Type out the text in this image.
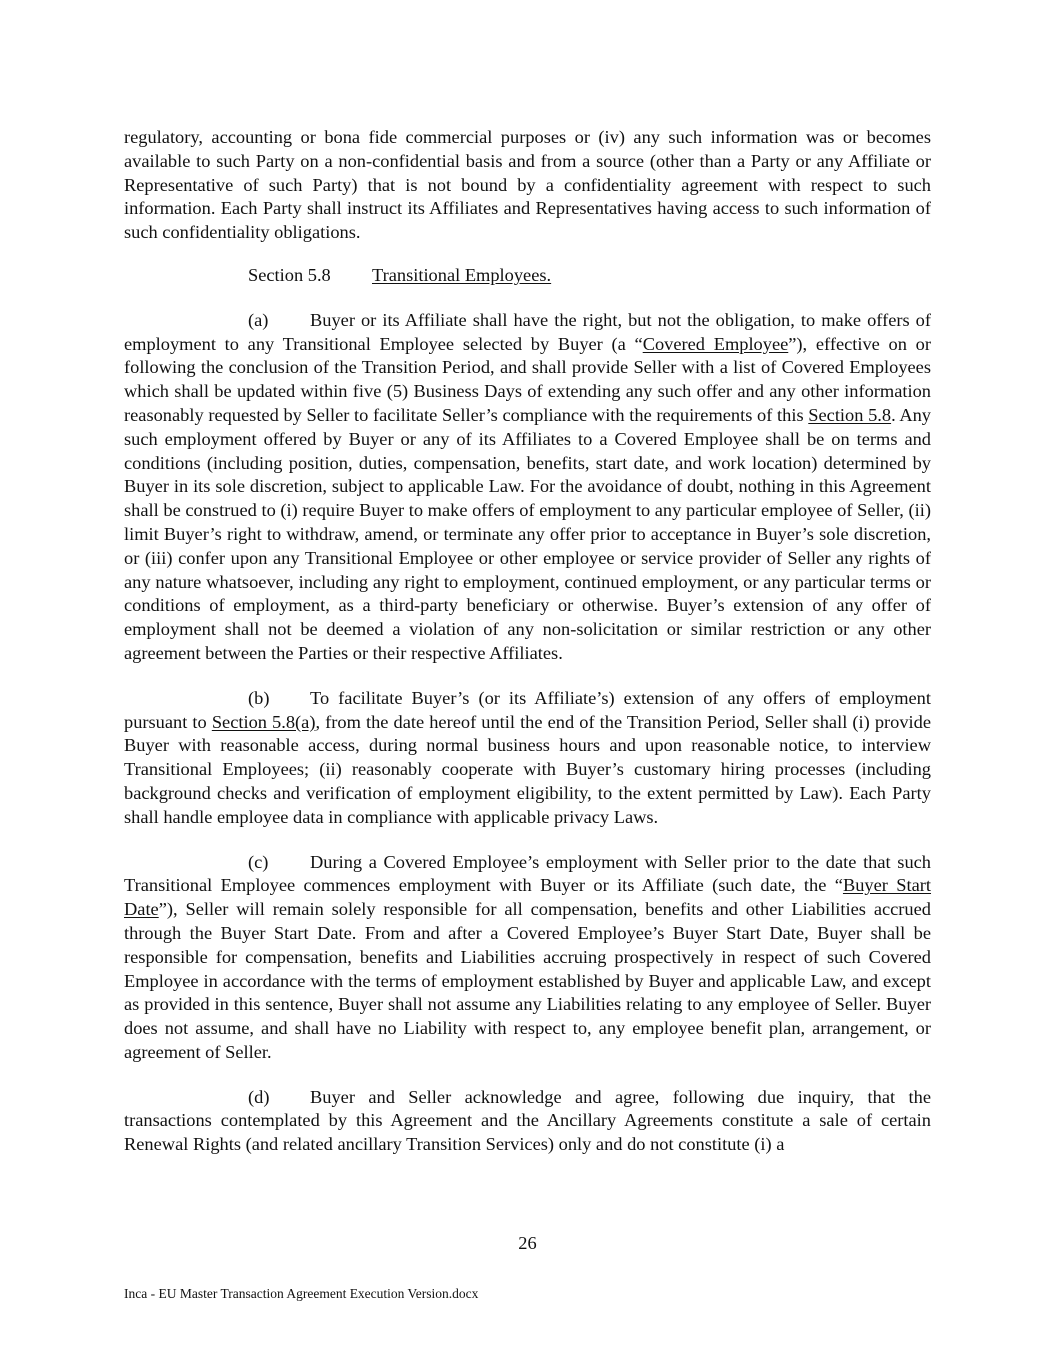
regulatory, accounting or bona fide commercial purposes or (iv) any such information was or becomes available to such Party on a non-confidential basis and from a source (other than a Party or any Affiliate or Representative of such Party) that is not bound by a confidentiality agreement with respect to such information. Each Party shall instruct its Affiliates and Representatives having access to such information of such confidentiality obligations.

Section 5.8 Transitional Employees.

(a) Buyer or its Affiliate shall have the right, but not the obligation, to make offers of employment to any Transitional Employee selected by Buyer (a “Covered Employee”), effective on or following the conclusion of the Transition Period, and shall provide Seller with a list of Covered Employees which shall be updated within five (5) Business Days of extending any such offer and any other information reasonably requested by Seller to facilitate Seller’s compliance with the requirements of this Section 5.8. Any such employment offered by Buyer or any of its Affiliates to a Covered Employee shall be on terms and conditions (including position, duties, compensation, benefits, start date, and work location) determined by Buyer in its sole discretion, subject to applicable Law. For the avoidance of doubt, nothing in this Agreement shall be construed to (i) require Buyer to make offers of employment to any particular employee of Seller, (ii) limit Buyer’s right to withdraw, amend, or terminate any offer prior to acceptance in Buyer’s sole discretion, or (iii) confer upon any Transitional Employee or other employee or service provider of Seller any rights of any nature whatsoever, including any right to employment, continued employment, or any particular terms or conditions of employment, as a third-party beneficiary or otherwise. Buyer’s extension of any offer of employment shall not be deemed a violation of any non-solicitation or similar restriction or any other agreement between the Parties or their respective Affiliates.

(b) To facilitate Buyer’s (or its Affiliate’s) extension of any offers of employment pursuant to Section 5.8(a), from the date hereof until the end of the Transition Period, Seller shall (i) provide Buyer with reasonable access, during normal business hours and upon reasonable notice, to interview Transitional Employees; (ii) reasonably cooperate with Buyer’s customary hiring processes (including background checks and verification of employment eligibility, to the extent permitted by Law). Each Party shall handle employee data in compliance with applicable privacy Laws.

(c) During a Covered Employee’s employment with Seller prior to the date that such Transitional Employee commences employment with Buyer or its Affiliate (such date, the “Buyer Start Date”), Seller will remain solely responsible for all compensation, benefits and other Liabilities accrued through the Buyer Start Date. From and after a Covered Employee’s Buyer Start Date, Buyer shall be responsible for compensation, benefits and Liabilities accruing prospectively in respect of such Covered Employee in accordance with the terms of employment established by Buyer and applicable Law, and except as provided in this sentence, Buyer shall not assume any Liabilities relating to any employee of Seller. Buyer does not assume, and shall have no Liability with respect to, any employee benefit plan, arrangement, or agreement of Seller.

(d) Buyer and Seller acknowledge and agree, following due inquiry, that the transactions contemplated by this Agreement and the Ancillary Agreements constitute a sale of certain Renewal Rights (and related ancillary Transition Services) only and do not constitute (i) a

26
Inca - EU Master Transaction Agreement Execution Version.docx
